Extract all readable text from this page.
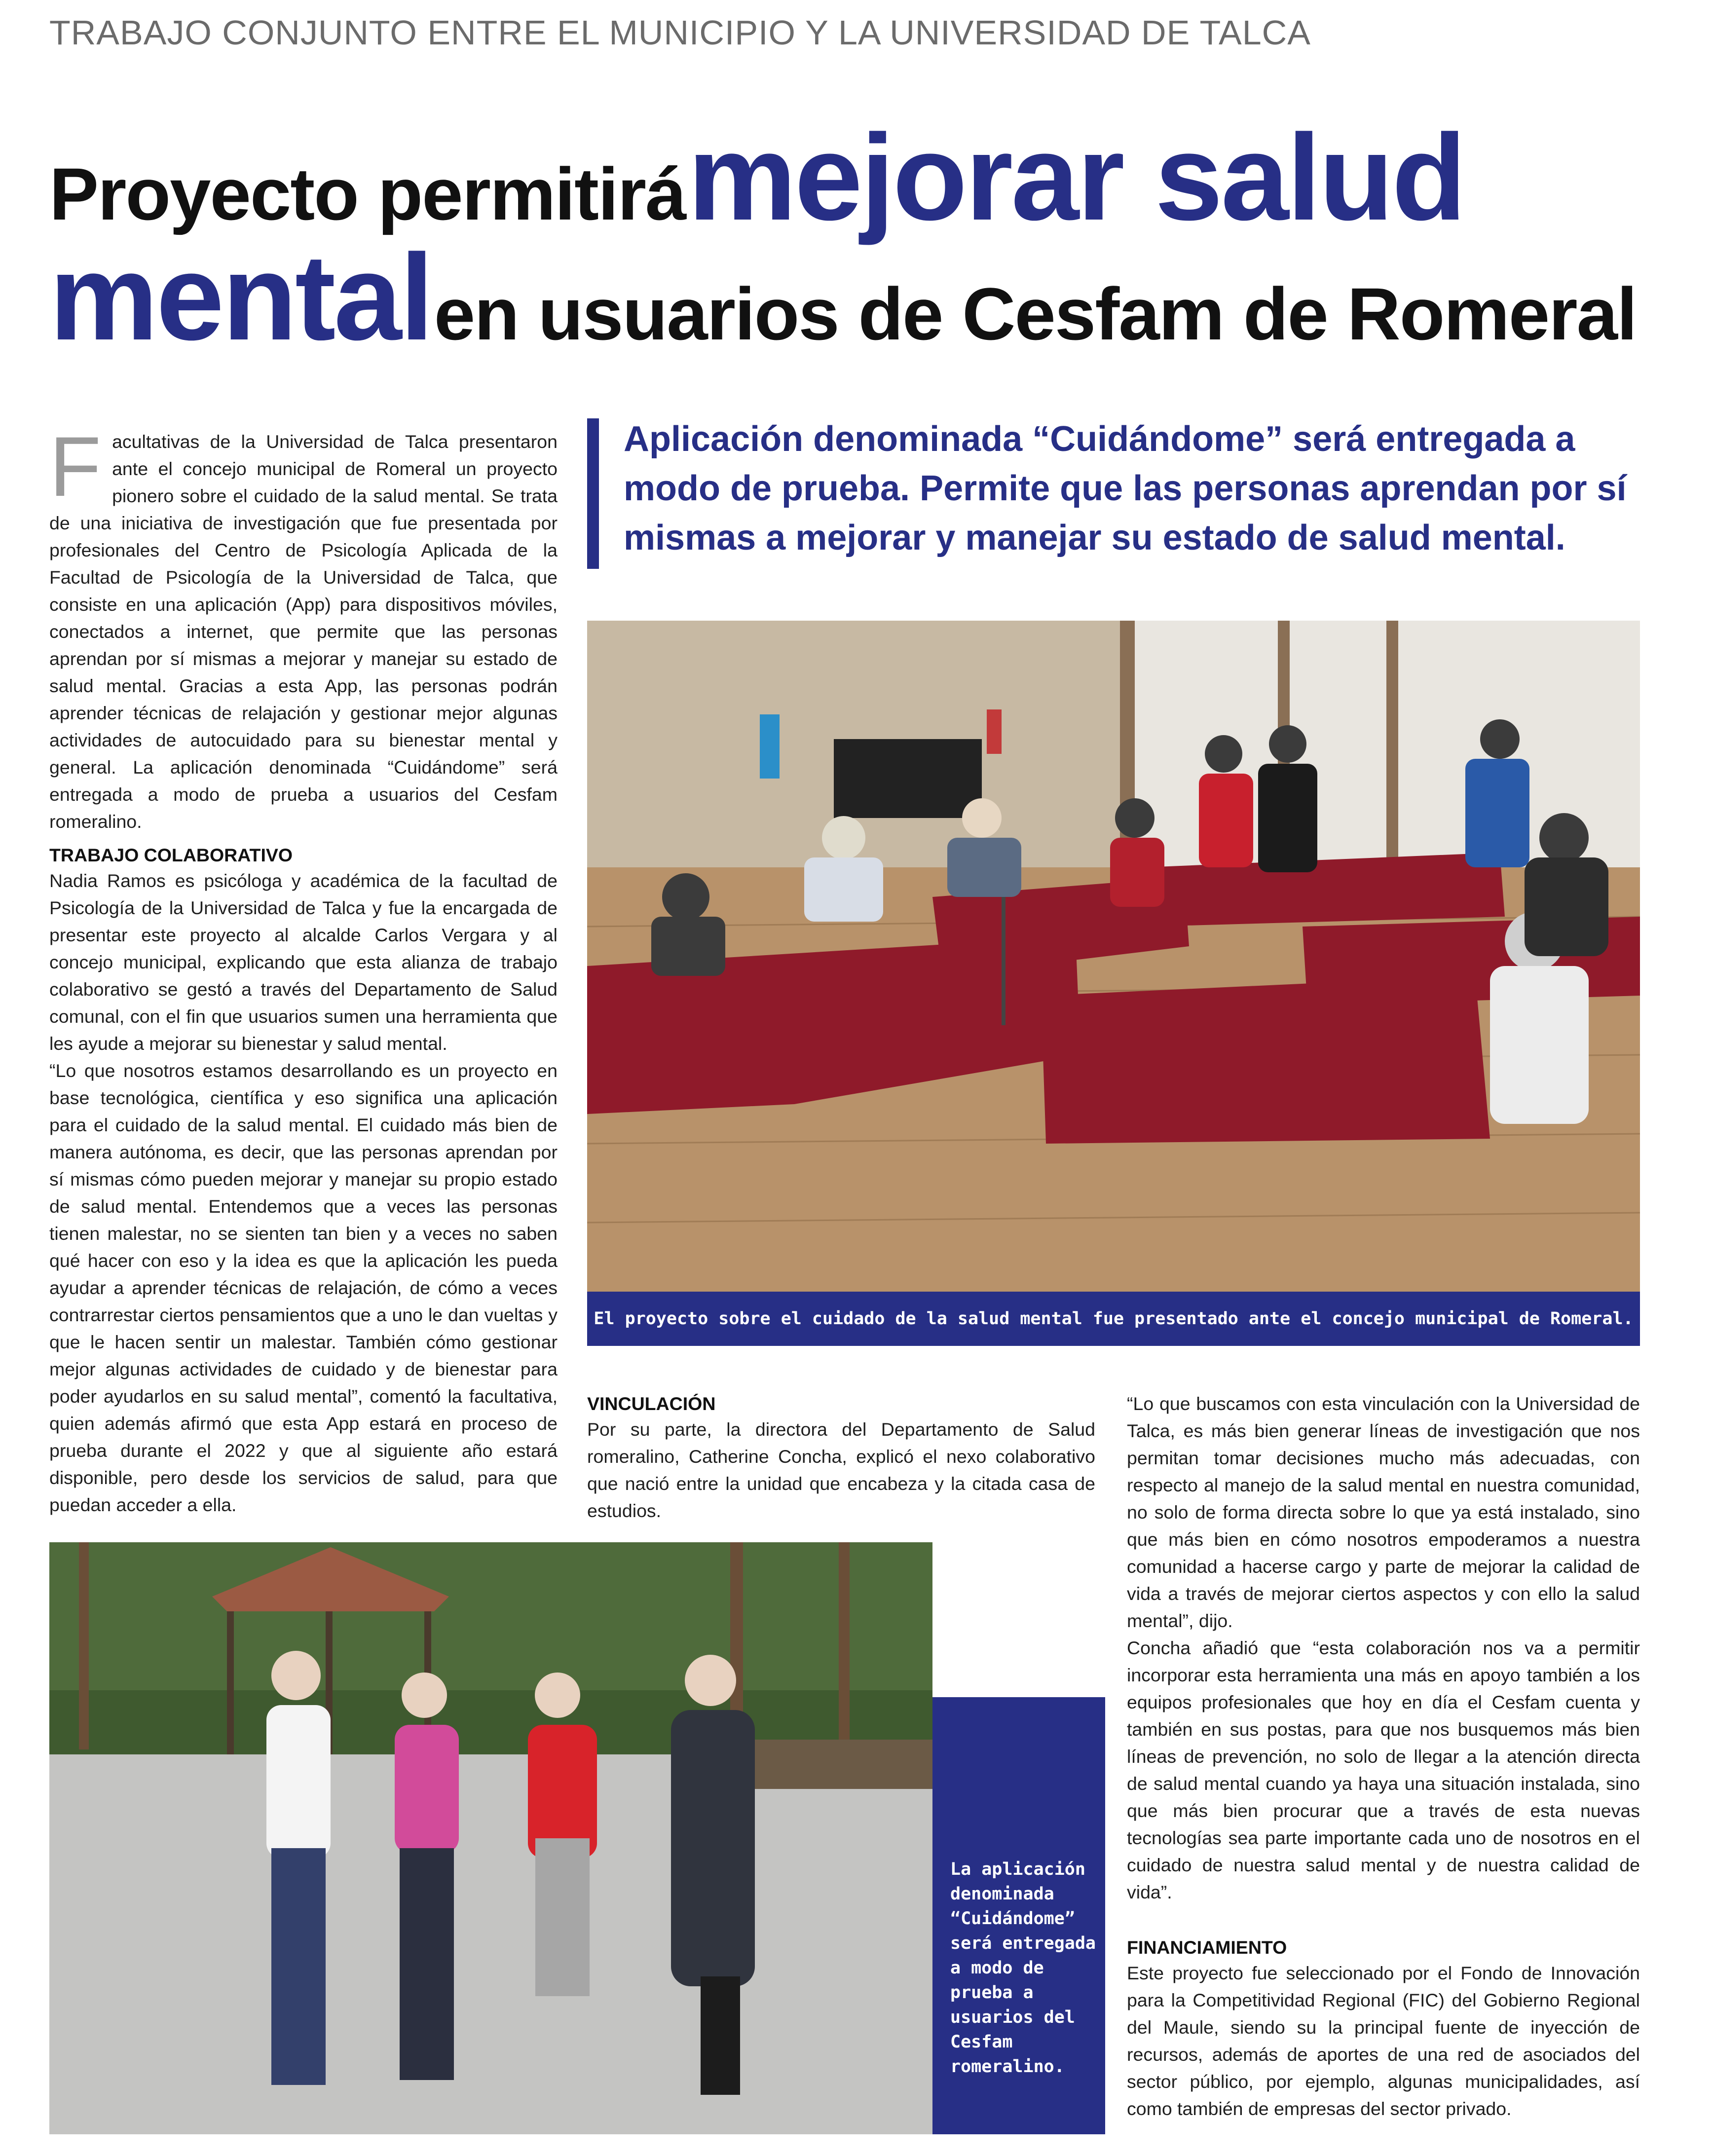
TRABAJO CONJUNTO ENTRE EL MUNICIPIO Y LA UNIVERSIDAD DE TALCA
Proyecto permitirá mejorar salud
mental en usuarios de Cesfam de Romeral
F acultativas de la Universidad de Talca presentaron ante el concejo municipal de Romeral un proyecto pionero sobre el cuidado de la salud mental. Se trata de una iniciativa de investigación que fue presentada por profesionales del Centro de Psicología Aplicada de la Facultad de Psicología de la Universidad de Talca, que consiste en una aplicación (App) para dispositivos móviles, conectados a internet, que permite que las personas aprendan por sí mismas a mejorar y manejar su estado de salud mental. Gracias a esta App, las personas podrán aprender técnicas de relajación y gestionar mejor algunas actividades de autocuidado para su bienestar mental y general. La aplicación denominada “Cuidándome” será entregada a modo de prueba a usuarios del Cesfam romeralino.
TRABAJO COLABORATIVO

Nadia Ramos es psicóloga y académica de la facultad de Psicología de la Universidad de Talca y fue la encargada de presentar este proyecto al alcalde Carlos Vergara y al concejo municipal, explicando que esta alianza de trabajo colaborativo se gestó a través del Departamento de Salud comunal, con el fin que usuarios sumen una herramienta que les ayude a mejorar su bienestar y salud mental.

“Lo que nosotros estamos desarrollando es un proyecto en base tecnológica, científica y eso significa una aplicación para el cuidado de la salud mental. El cuidado más bien de manera autónoma, es decir, que las personas aprendan por sí mismas cómo pueden mejorar y manejar su propio estado de salud mental. Entendemos que a veces las personas tienen malestar, no se sienten tan bien y a veces no saben qué hacer con eso y la idea es que la aplicación les pueda ayudar a aprender técnicas de relajación, de cómo a veces contrarrestar ciertos pensamientos que a uno le dan vueltas y que le hacen sentir un malestar. También cómo gestionar mejor algunas actividades de cuidado y de bienestar para poder ayudarlos en su salud mental”, comentó la facultativa, quien además afirmó que esta App estará en proceso de prueba durante el 2022 y que al siguiente año estará disponible, pero desde los servicios de salud, para que puedan acceder a ella.

Aplicación denominada “Cuidándome” será entregada a modo de prueba. Permite que las personas aprendan por sí mismas a mejorar y manejar su estado de salud mental.
El proyecto sobre el cuidado de la salud mental fue presentado ante el concejo municipal de Romeral.
VINCULACIÓN

Por su parte, la directora del Departamento de Salud romeralino, Catherine Concha, explicó el nexo colaborativo que nació entre la unidad que encabeza y la citada casa de estudios.

“Lo que buscamos con esta vinculación con la Universidad de Talca, es más bien generar líneas de investigación que nos permitan tomar decisiones mucho más adecuadas, con respecto al manejo de la salud mental en nuestra comunidad, no solo de forma directa sobre lo que ya está instalado, sino que más bien en cómo nosotros empoderamos a nuestra comunidad a hacerse cargo y parte de mejorar la calidad de vida a través de mejorar ciertos aspectos y con ello la salud mental”, dijo.

Concha añadió que “esta colaboración nos va a permitir incorporar esta herramienta una más en apoyo también a los equipos profesionales que hoy en día el Cesfam cuenta y también en sus postas, para que nos busquemos más bien líneas de prevención, no solo de llegar a la atención directa de salud mental cuando ya haya una situación instalada, sino que más bien procurar que a través de esta nuevas tecnologías sea parte importante cada uno de nosotros en el cuidado de nuestra salud mental y de nuestra calidad de vida”.

FINANCIAMIENTO

Este proyecto fue seleccionado por el Fondo de Innovación para la Competitividad Regional (FIC) del Gobierno Regional del Maule, siendo su la principal fuente de inyección de recursos, además de aportes de una red de asociados del sector público, por ejemplo, algunas municipalidades, así como también de empresas del sector privado.

La aplicación denominada “Cuidándome” será entregada a modo de prueba a usuarios del Cesfam romeralino.
